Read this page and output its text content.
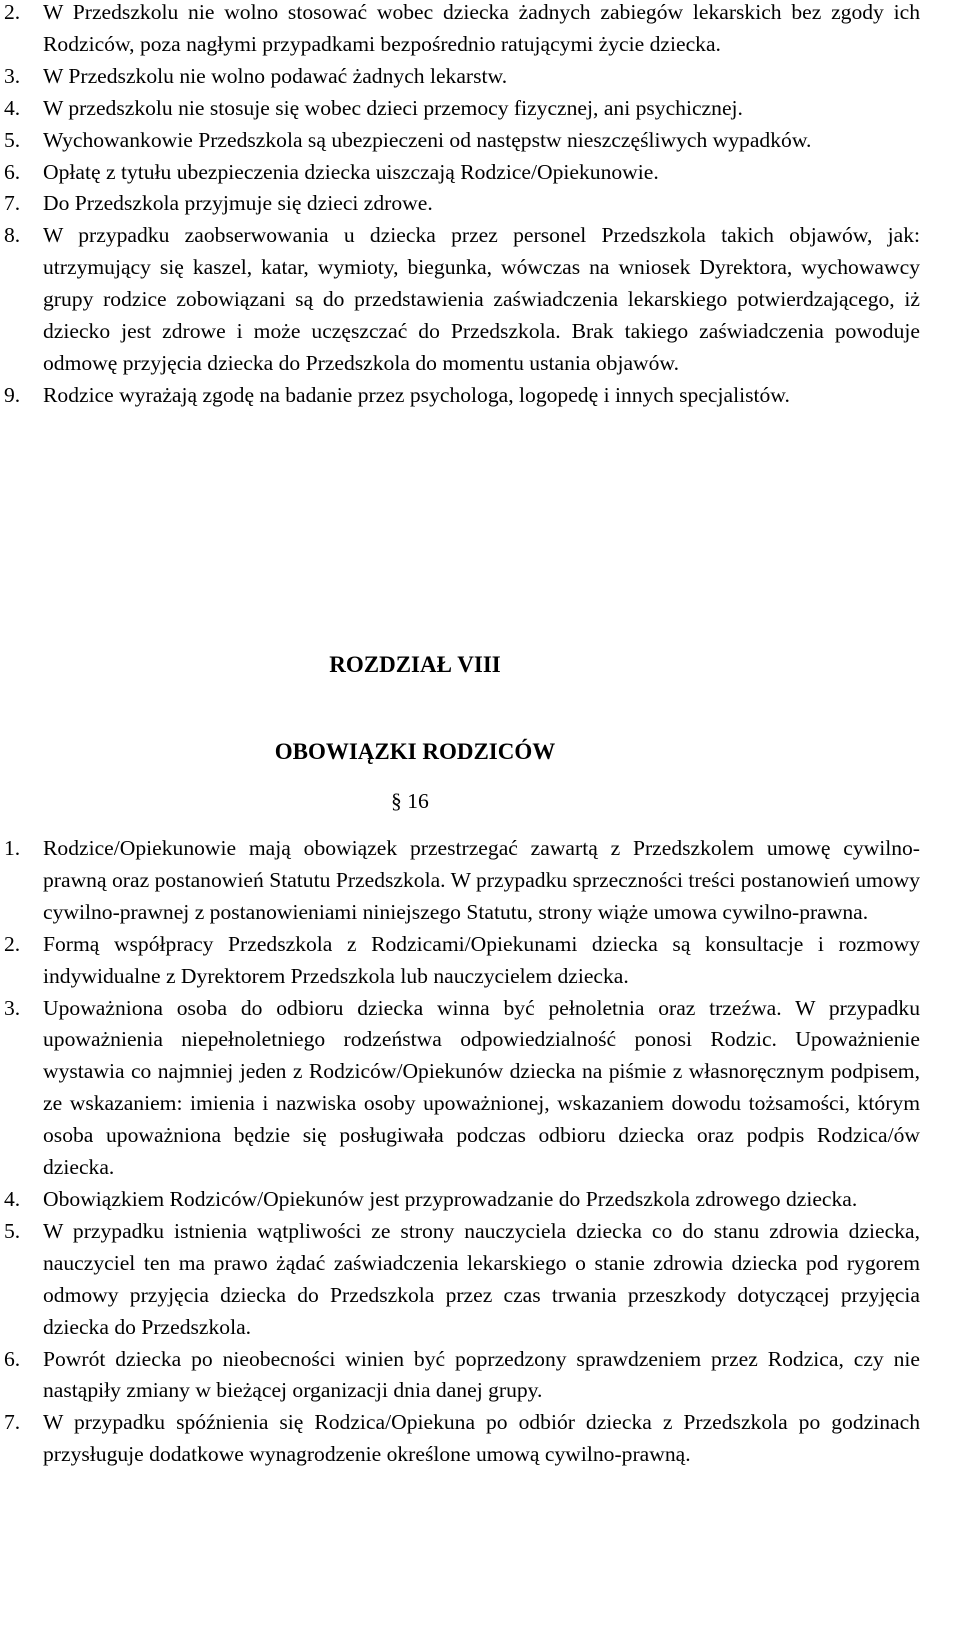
2. W Przedszkolu nie wolno stosować wobec dziecka żadnych zabiegów lekarskich bez zgody ich Rodziców, poza nagłymi przypadkami bezpośrednio ratującymi życie dziecka.
3. W Przedszkolu nie wolno podawać żadnych lekarstw.
4. W przedszkolu nie stosuje się wobec dzieci przemocy fizycznej, ani psychicznej.
5. Wychowankowie Przedszkola są ubezpieczeni od następstw nieszczęśliwych wypadków.
6. Opłatę z tytułu ubezpieczenia dziecka uiszczają Rodzice/Opiekunowie.
7. Do Przedszkola przyjmuje się dzieci zdrowe.
8. W przypadku zaobserwowania u dziecka przez personel Przedszkola takich objawów, jak: utrzymujący się kaszel, katar, wymioty, biegunka, wówczas na wniosek Dyrektora, wychowawcy grupy rodzice zobowiązani są do przedstawienia zaświadczenia lekarskiego potwierdzającego, iż dziecko jest zdrowe i może uczęszczać do Przedszkola. Brak takiego zaświadczenia powoduje odmowę przyjęcia dziecka do Przedszkola do momentu ustania objawów.
9. Rodzice wyrażają zgodę na badanie przez psychologa, logopedę i innych specjalistów.
ROZDZIAŁ VIII
OBOWIĄZKI RODZICÓW
§ 16
1. Rodzice/Opiekunowie mają obowiązek przestrzegać zawartą z Przedszkolem umowę cywilno-prawną oraz postanowień Statutu Przedszkola. W przypadku sprzeczności treści postanowień umowy cywilno-prawnej z postanowieniami niniejszego Statutu, strony wiąże umowa cywilno-prawna.
2. Formą współpracy Przedszkola z Rodzicami/Opiekunami dziecka są konsultacje i rozmowy indywidualne z Dyrektorem Przedszkola lub nauczycielem dziecka.
3. Upoważniona osoba do odbioru dziecka winna być pełnoletnia oraz trzeźwa. W przypadku upoważnienia niepełnoletniego rodzeństwa odpowiedzialność ponosi Rodzic. Upoważnienie wystawia co najmniej jeden z Rodziców/Opiekunów dziecka na piśmie z własnoręcznym podpisem, ze wskazaniem: imienia i nazwiska osoby upoważnionej, wskazaniem dowodu tożsamości, którym osoba upoważniona będzie się posługiwała podczas odbioru dziecka oraz podpis Rodzica/ów dziecka.
4. Obowiązkiem Rodziców/Opiekunów jest przyprowadzanie do Przedszkola zdrowego dziecka.
5. W przypadku istnienia wątpliwości ze strony nauczyciela dziecka co do stanu zdrowia dziecka, nauczyciel ten ma prawo żądać zaświadczenia lekarskiego o stanie zdrowia dziecka pod rygorem odmowy przyjęcia dziecka do Przedszkola przez czas trwania przeszkody dotyczącej przyjęcia dziecka do Przedszkola.
6. Powrót dziecka po nieobecności winien być poprzedzony sprawdzeniem przez Rodzica, czy nie nastąpiły zmiany w bieżącej organizacji dnia danej grupy.
7. W przypadku spóźnienia się Rodzica/Opiekuna po odbiór dziecka z Przedszkola po godzinach przysługuje dodatkowe wynagrodzenie określone umową cywilno-prawną.
